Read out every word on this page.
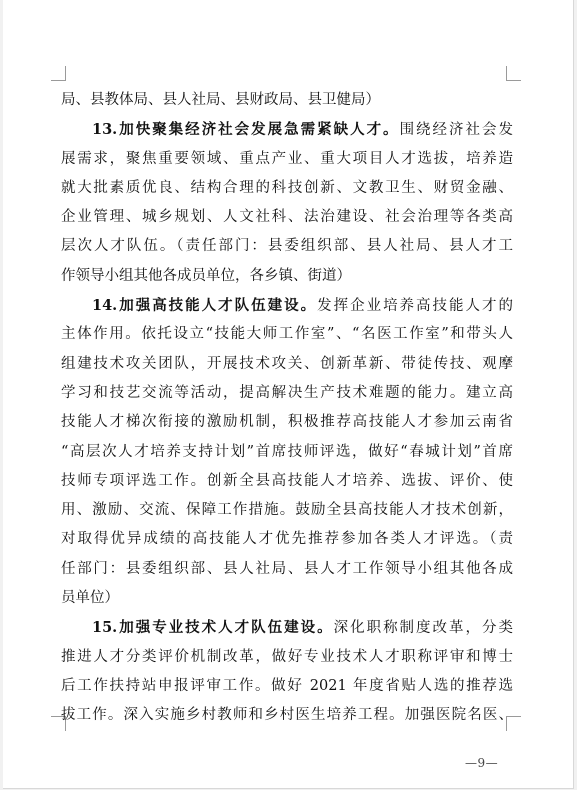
局、县教体局、县人社局、县财政局、县卫健局）
13.加快聚集经济社会发展急需紧缺人才。围绕经济社会发
展需求，聚焦重要领域、重点产业、重大项目人才选拔，培养造
就大批素质优良、结构合理的科技创新、文教卫生、财贸金融、
企业管理、城乡规划、人文社科、法治建设、社会治理等各类高
层次人才队伍。（责任部门：县委组织部、县人社局、县人才工
作领导小组其他各成员单位，各乡镇、街道）
14.加强高技能人才队伍建设。发挥企业培养高技能人才的
主体作用。依托设立“技能大师工作室”、“名医工作室”和带头人
组建技术攻关团队，开展技术攻关、创新革新、带徒传技、观摩
学习和技艺交流等活动，提高解决生产技术难题的能力。建立高
技能人才梯次衔接的激励机制，积极推荐高技能人才参加云南省
“高层次人才培养支持计划”首席技师评选，做好“春城计划”首席
技师专项评选工作。创新全县高技能人才培养、选拔、评价、使
用、激励、交流、保障工作措施。鼓励全县高技能人才技术创新，
对取得优异成绩的高技能人才优先推荐参加各类人才评选。（责
任部门：县委组织部、县人社局、县人才工作领导小组其他各成
员单位）
15.加强专业技术人才队伍建设。深化职称制度改革，分类
推进人才分类评价机制改革，做好专业技术人才职称评审和博士
后工作扶持站申报评审工作。做好 2021 年度省贴人选的推荐选
拔工作。深入实施乡村教师和乡村医生培养工程。加强医院名医、
—9—
